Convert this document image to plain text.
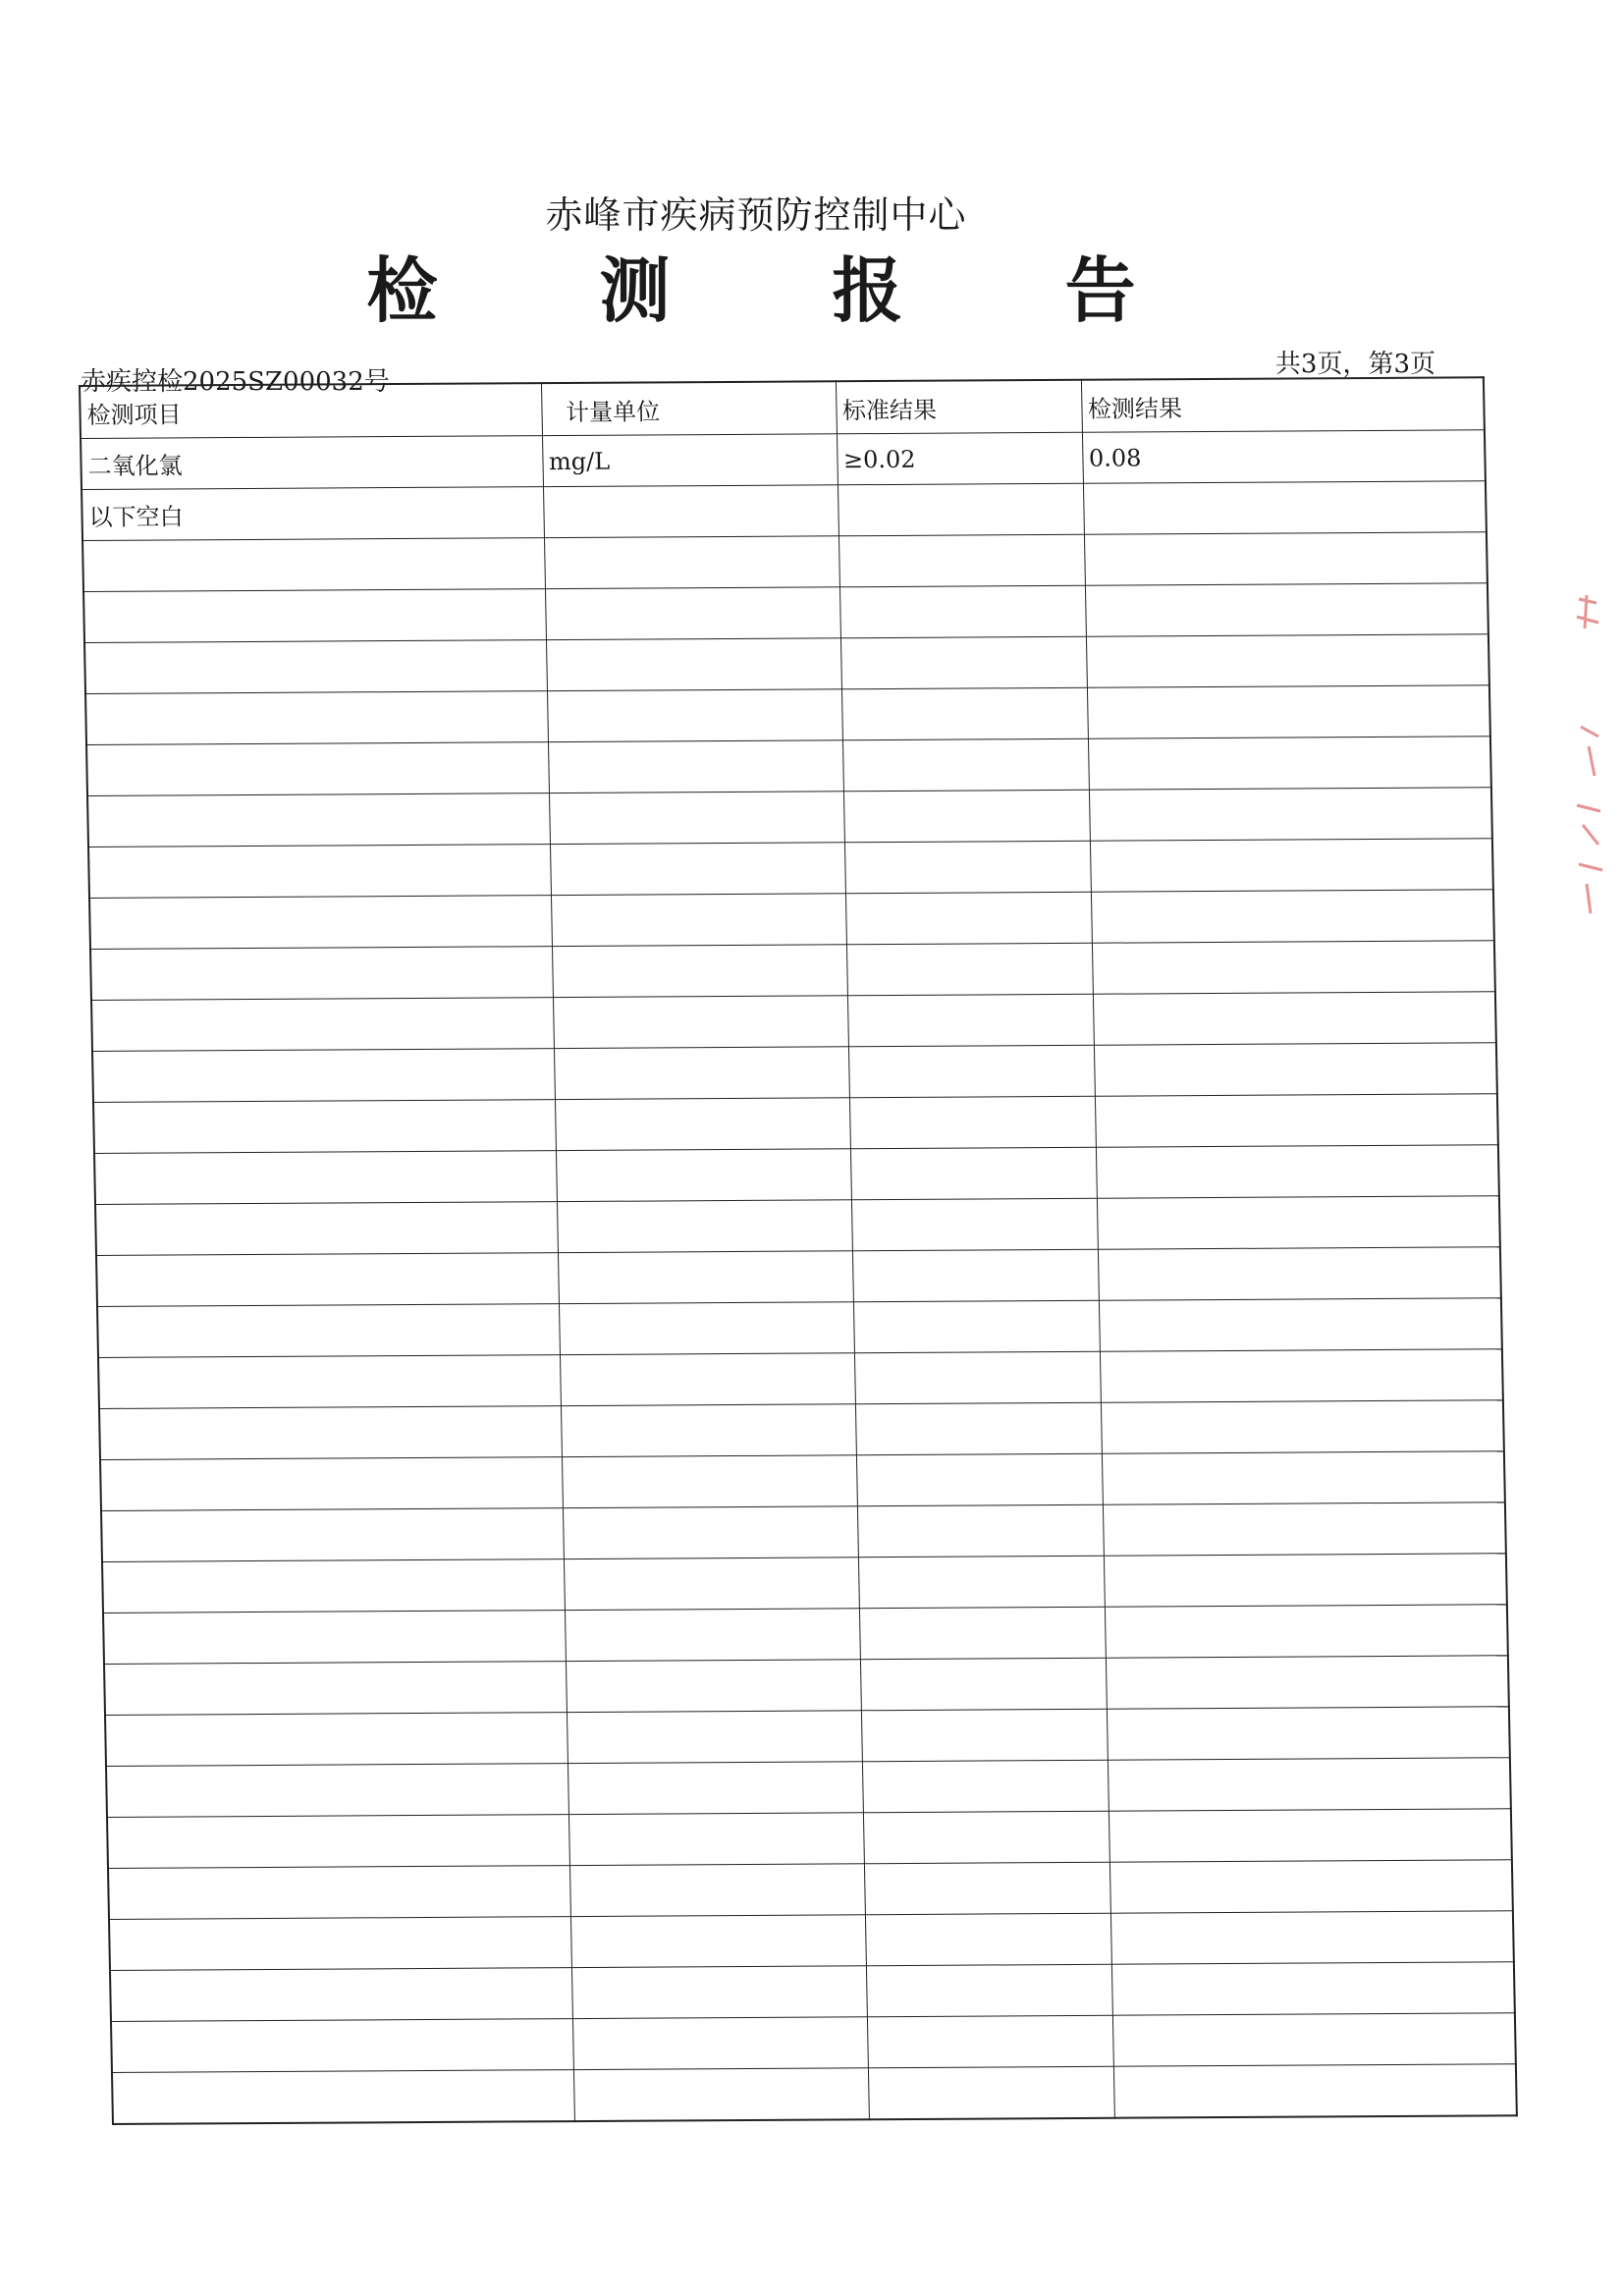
赤峰市疾病预防控制中心
检 测 报 告
赤疾控检2025SZ00032号
共3页，第3页
检测项目	计量单位	标准结果	检测结果
二氧化氯	mg/L	≥0.02	0.08
以下空白			
